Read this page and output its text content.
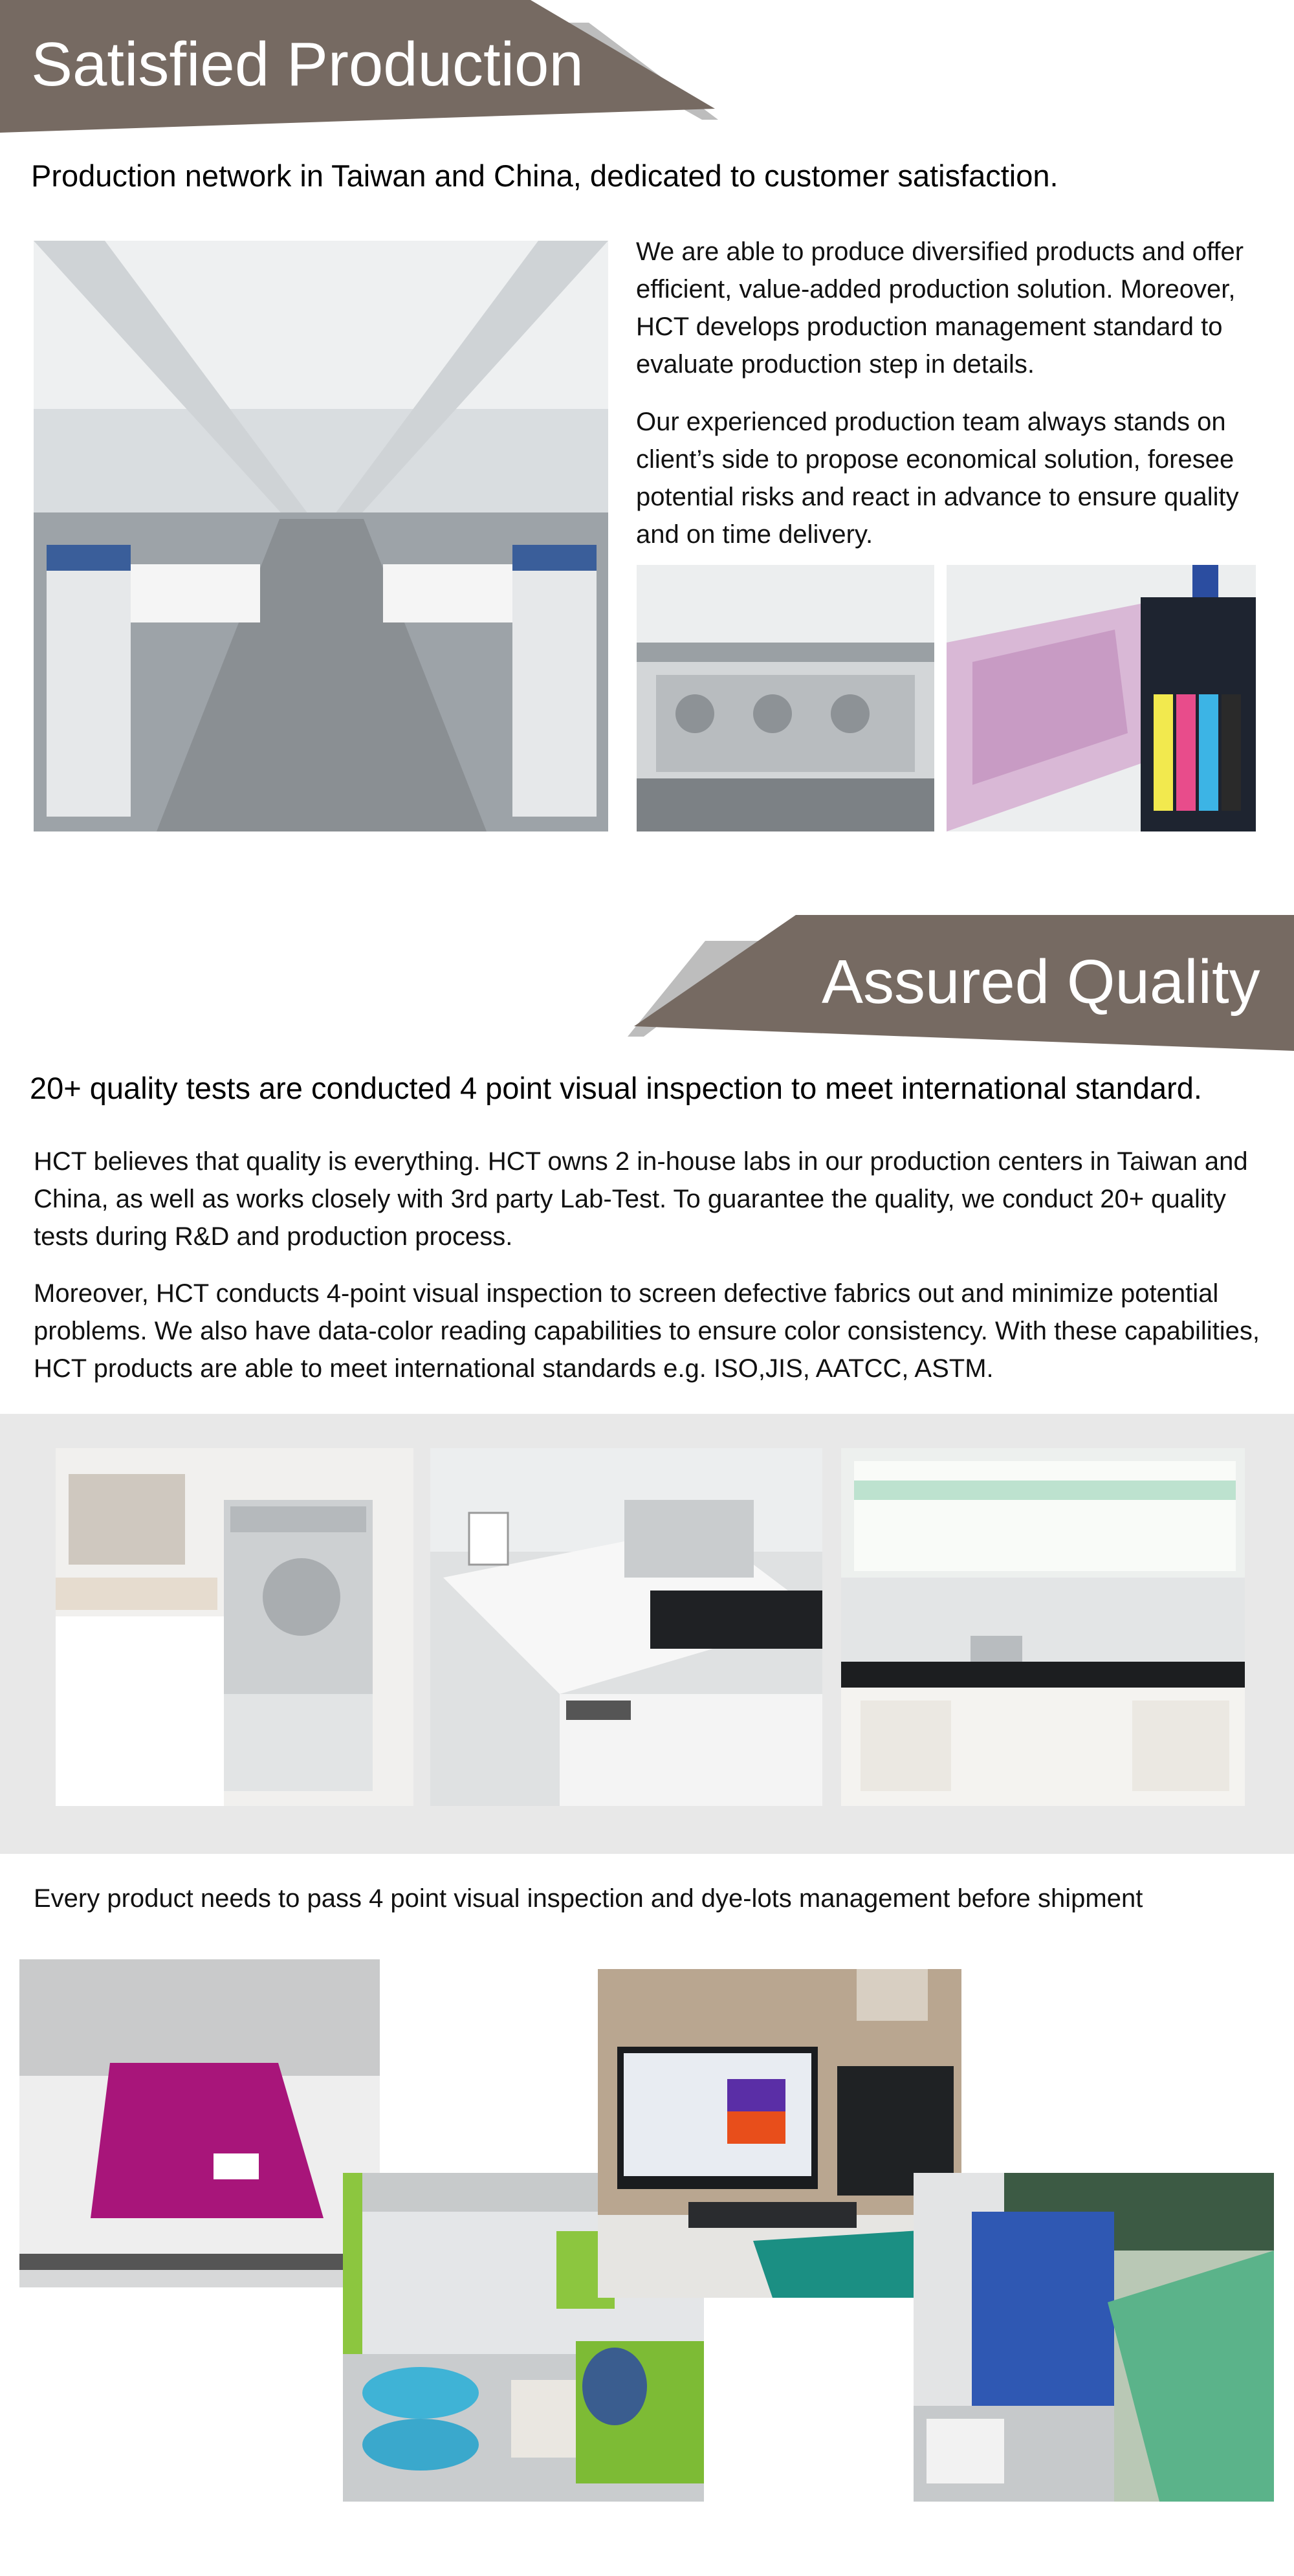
Satisfied Production
Production network in Taiwan and China, dedicated to customer satisfaction.

We are able to produce diversified products and offer efficient, value-added production solution. Moreover, HCT develops production management standard to evaluate production step in details.

Our experienced production team always stands on client’s side to propose economical solution, foresee potential risks and react in advance to ensure quality and on time delivery.

Assured Quality
20+ quality tests are conducted 4 point visual inspection to meet international standard.

HCT believes that quality is everything. HCT owns 2 in-house labs in our production centers in Taiwan and China, as well as works closely with 3rd party Lab-Test. To guarantee the quality, we conduct 20+ quality tests during R&D and production process.

Moreover, HCT conducts 4-point visual inspection to screen defective fabrics out and minimize potential problems. We also have data-color reading capabilities to ensure color consistency. With these capabilities, HCT products are able to meet international standards e.g. ISO,JIS, AATCC, ASTM.

Every product needs to pass 4 point visual inspection and dye-lots management before shipment
